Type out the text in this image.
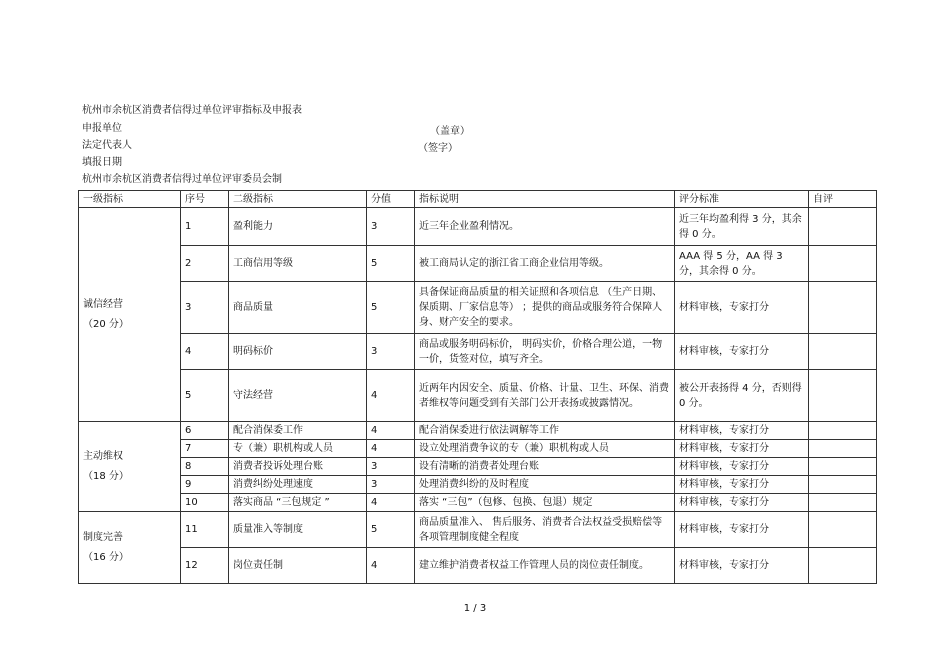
杭州市余杭区消费者信得过单位评审指标及申报表
申报单位	（盖章）
法定代表人	（签字）
填报日期
杭州市余杭区消费者信得过单位评审委员会制
一级指标	序号	二级指标	分值	指标说明	评分标准	自评

诚信经营
（20 分）	1	盈利能力	3	近三年企业盈利情况。	近三年均盈利得 3 分，其余得 0 分。	
	2	工商信用等级	5	被工商局认定的浙江省工商企业信用等级。	AAA 得 5 分，AA 得 3 分，其余得 0 分。	
	3	商品质量	5	具备保证商品质量的相关证照和各项信息 （生产日期、保质期、厂家信息等） ；提供的商品或服务符合保障人身、财产安全的要求。	材料审核，专家打分	
	4	明码标价	3	商品或服务明码标价， 明码实价，价格合理公道，一物一价，货签对位，填写齐全。	材料审核，专家打分	
	5	守法经营	4	近两年内因安全、质量、价格、计量、卫生、环保、消费者维权等问题受到有关部门公开表扬或披露情况。	被公开表扬得 4 分，否则得 0 分。	

主动维权
（18 分）	6	配合消保委工作	4	配合消保委进行依法调解等工作	材料审核，专家打分	
	7	专（兼）职机构或人员	4	设立处理消费争议的专（兼）职机构或人员	材料审核，专家打分	
	8	消费者投诉处理台账	3	设有清晰的消费者处理台账	材料审核，专家打分	
	9	消费纠纷处理速度	3	处理消费纠纷的及时程度	材料审核，专家打分	
	10	落实商品 “三包规定 ”	4	落实 “三包”（包修、包换、包退）规定	材料审核，专家打分	

制度完善
（16 分）	11	质量准入等制度	5	商品质量准入、 售后服务、消费者合法权益受损赔偿等各项管理制度健全程度	材料审核，专家打分	
	12	岗位责任制	4	建立维护消费者权益工作管理人员的岗位责任制度。	材料审核，专家打分	
1 / 3
